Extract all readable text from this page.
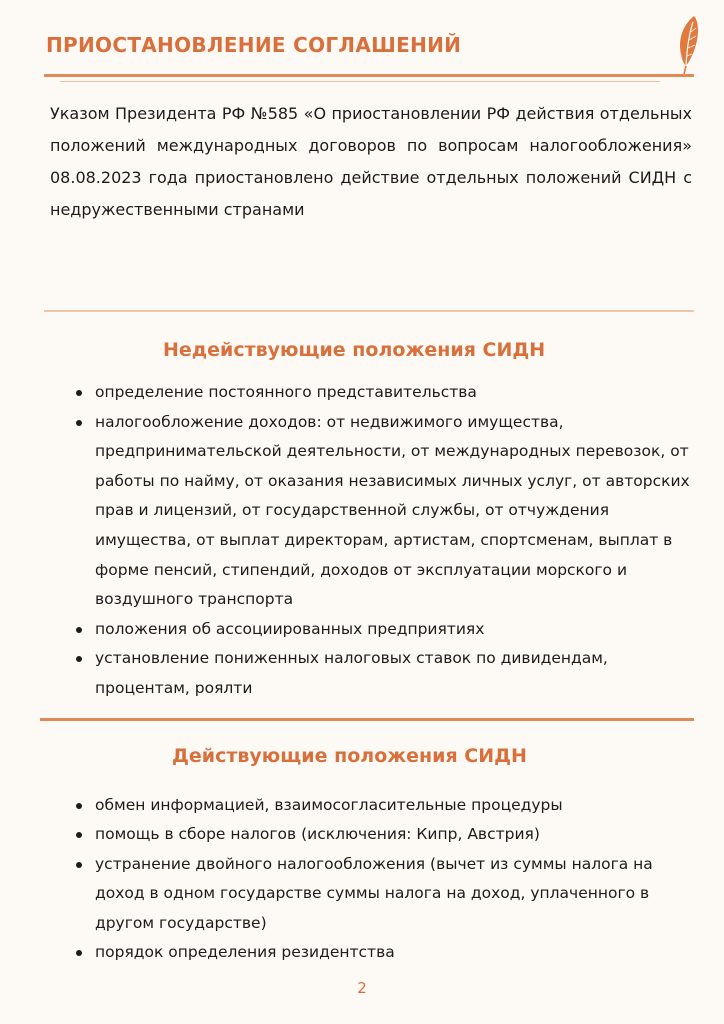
ПРИОСТАНОВЛЕНИЕ СОГЛАШЕНИЙ

Указом Президента РФ №585 «О приостановлении РФ действия отдельных положений международных договоров по вопросам налогообложения» 08.08.2023 года приостановлено действие отдельных положений СИДН с недружественными странами

Недействующие положения СИДН
определение постоянного представительства
налогообложение доходов: от недвижимого имущества, предпринимательской деятельности, от международных перевозок, от работы по найму, от оказания независимых личных услуг, от авторских прав и лицензий, от государственной службы, от отчуждения имущества, от выплат директорам, артистам, спортсменам, выплат в форме пенсий, стипендий, доходов от эксплуатации морского и воздушного транспорта
положения об ассоциированных предприятиях
установление пониженных налоговых ставок по дивидендам, процентам, роялти
Действующие положения СИДН
обмен информацией, взаимосогласительные процедуры
помощь в сборе налогов (исключения: Кипр, Австрия)
устранение двойного налогообложения (вычет из суммы налога на доход в одном государстве суммы налога на доход, уплаченного в другом государстве)
порядок определения резидентства
2
